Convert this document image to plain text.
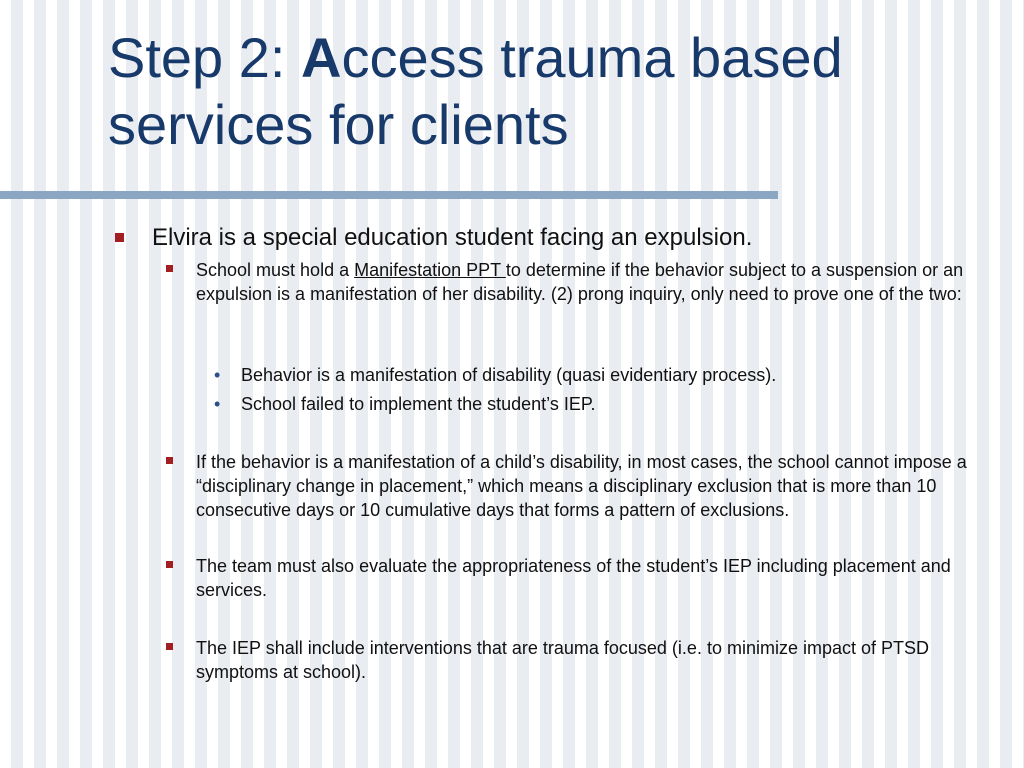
Step 2: Access trauma based services for clients
Elvira is a special education student facing an expulsion.
School must hold a Manifestation PPT to determine if the behavior subject to a suspension or an expulsion is a manifestation of her disability. (2) prong inquiry, only need to prove one of the two:
• Behavior is a manifestation of disability (quasi evidentiary process).
• School failed to implement the student’s IEP.
If the behavior is a manifestation of a child’s disability, in most cases, the school cannot impose a “disciplinary change in placement,” which means a disciplinary exclusion that is more than 10 consecutive days or 10 cumulative days that forms a pattern of exclusions.
The team must also evaluate the appropriateness of the student’s IEP including placement and services.
The IEP shall include interventions that are trauma focused (i.e. to minimize impact of PTSD symptoms at school).
